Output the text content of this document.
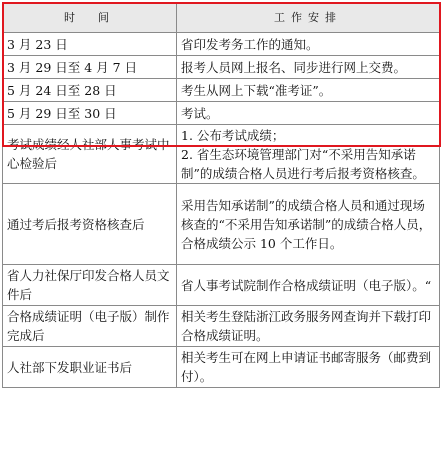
时　间	工作安排
3 月 23 日	省印发考务工作的通知。
3 月 29 日至 4 月 7 日	报考人员网上报名、同步进行网上交费。
5 月 24 日至 28 日	考生从网上下载“准考证”。
5 月 29 日至 30 日	考试。
考试成绩经人社部人事考试中心检验后	1. 公布考试成绩；
2. 省生态环境管理部门对“不采用告知承诺制”的成绩合格人员进行考后报考资格核查。

通过考后报考资格核查后	采用告知承诺制”的成绩合格人员和通过现场核查的“不采用告知承诺制”的成绩合格人员，合格成绩公示 10 个工作日。
省人力社保厅印发合格人员文件后	省人事考试院制作合格成绩证明（电子版）。“
合格成绩证明（电子版）制作完成后	相关考生登陆浙江政务服务网查询并下载打印合格成绩证明。
人社部下发职业证书后	相关考生可在网上申请证书邮寄服务（邮费到付）。
